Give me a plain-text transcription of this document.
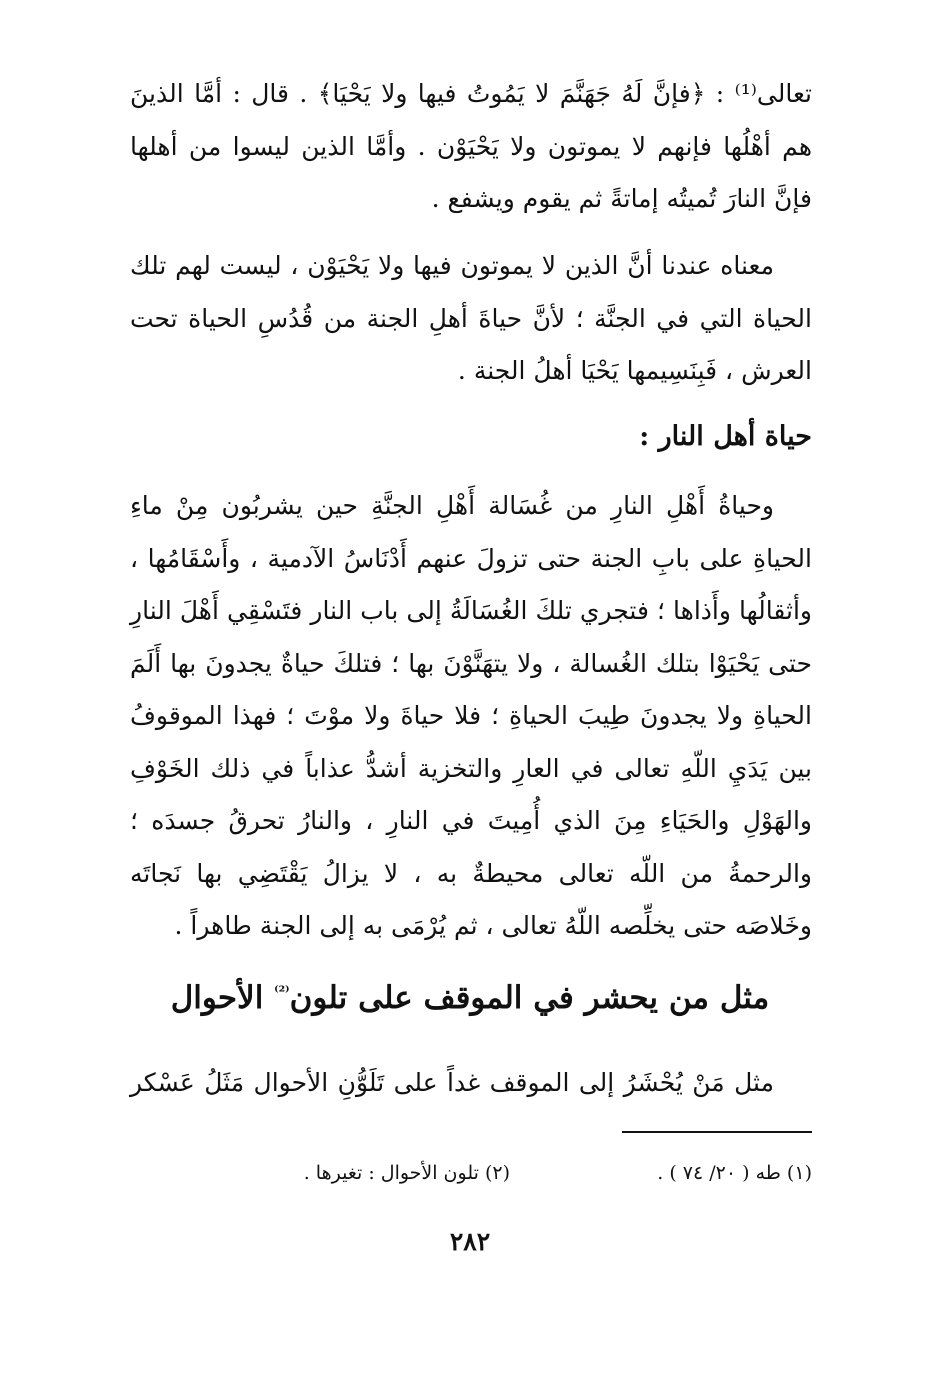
تعالى⁽¹⁾ : ﴿فإنَّ لَهُ جَهَنَّمَ لا يَمُوتُ فيها ولا يَحْيَا﴾ . قال : أمَّا الذينَ هم أهْلُها فإنهم لا يموتون ولا يَحْيَوْن . وأمَّا الذين ليسوا من أهلها فإنَّ النارَ تُميتُه إماتةً ثم يقوم ويشفع .
معناه عندنا أنَّ الذين لا يموتون فيها ولا يَحْيَوْن ، ليست لهم تلك الحياة التي في الجنَّة ؛ لأنَّ حياةَ أهلِ الجنة من قُدُسِ الحياة تحت العرش ، فَبِنَسِيمها يَحْيَا أهلُ الجنة .
حياة أهل النار :
وحياةُ أَهْلِ النارِ من غُسَالة أَهْلِ الجنَّةِ حين يشربُون مِنْ ماءِ الحياةِ على بابِ الجنة حتى تزولَ عنهم أَدْنَاسُ الآدمية ، وأَسْقَامُها ، وأثقالُها وأَذاها ؛ فتجري تلكَ الغُسَالَةُ إلى باب النار فتَسْقِي أَهْلَ النارِ حتى يَحْيَوْا بتلك الغُسالة ، ولا يتهَنَّوْنَ بها ؛ فتلكَ حياةٌ يجدونَ بها أَلَمَ الحياةِ ولا يجدونَ طِيبَ الحياةِ ؛ فلا حياةَ ولا موْتَ ؛ فهذا الموقوفُ بين يَدَيِ اللّهِ تعالى في العارِ والتخزية أشدُّ عذاباً في ذلك الخَوْفِ والهَوْلِ والحَيَاءِ مِنَ الذي أُمِيتَ في النارِ ، والنارُ تحرقُ جسدَه ؛ والرحمةُ من اللّه تعالى محيطةٌ به ، لا يزالُ يَقْتَضِي بها نَجاتَه وخَلاصَه حتى يخلِّصه اللّهُ تعالى ، ثم يُرْمَى به إلى الجنة طاهراً .
مثل من يحشر في الموقف على تلون$^{^{(2)}}$ الأحوال
مثل مَنْ يُحْشَرُ إلى الموقف غداً على تَلَوُّنِ الأحوال مَثَلُ عَسْكر
(١) طه ( ٢٠/ ٧٤ ) .
(٢) تلون الأحوال : تغيرها .
٢٨٢
